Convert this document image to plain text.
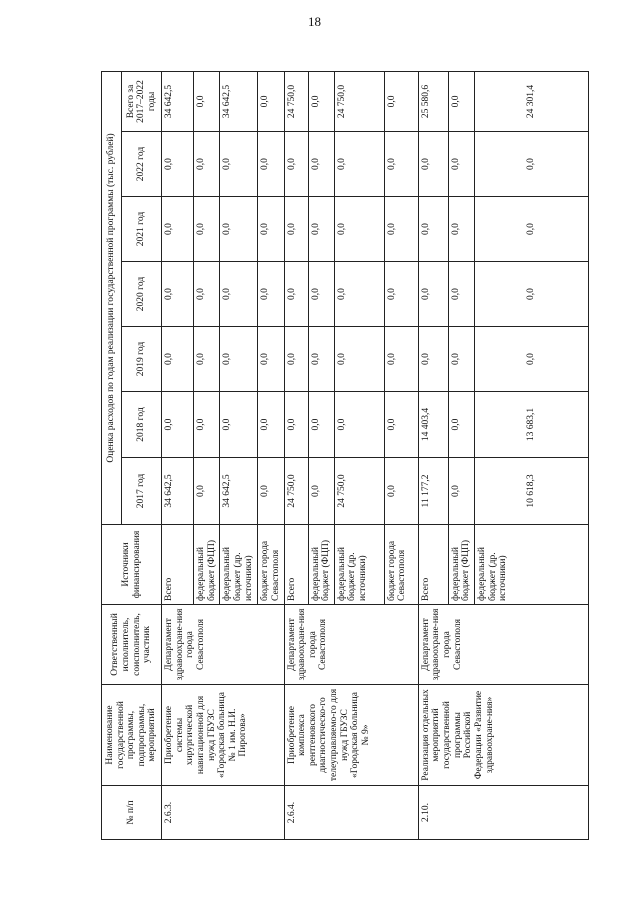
18
№ п/п	Наименование государственной программы, подпрограммы, мероприятий	Ответственный исполнитель, соисполнитель, участник	Источники финансирования	Оценка расходов по годам реализации государственной программы (тыс. рублей)						
				2017 год	2018 год	2019 год	2020 год	2021 год	2022 год	Всего за 2017–2022 годы
2.6.3.	Приобретение системы хирургической навигационной для нужд ГБУЗС «Городская больница № 1 им. Н.И. Пирогова»	Департамент здравоохране-ния города Севастополя	Всего	34 642,5	0,0	0,0	0,0	0,0	0,0	34 642,5
			федеральный бюджет (ФЦП)	0,0	0,0	0,0	0,0	0,0	0,0	0,0
			федеральный бюджет (др. источники)	34 642,5	0,0	0,0	0,0	0,0	0,0	34 642,5
			бюджет города Севастополя	0,0	0,0	0,0	0,0	0,0	0,0	0,0
2.6.4.	Приобретение комплекса рентгеновского диагностическо-го телеуправляемо-го для нужд ГБУЗС «Городская больница № 9»	Департамент здравоохране-ния города Севастополя	Всего	24 750,0	0,0	0,0	0,0	0,0	0,0	24 750,0
			федеральный бюджет (ФЦП)	0,0	0,0	0,0	0,0	0,0	0,0	0,0
			федеральный бюджет (др. источники)	24 750,0	0,0	0,0	0,0	0,0	0,0	24 750,0
			бюджет города Севастополя	0,0	0,0	0,0	0,0	0,0	0,0	0,0
2.10.	Реализация отдельных мероприятий государственной программы Российской Федерации «Развитие здравоохране-ния»	Департамент здравоохране-ния города Севастополя	Всего	11 177,2	14 403,4	0,0	0,0	0,0	0,0	25 580,6
			федеральный бюджет (ФЦП)	0,0	0,0	0,0	0,0	0,0	0,0	0,0
			федеральный бюджет (др. источники)	10 618,3	13 683,1	0,0	0,0	0,0	0,0	24 301,4
